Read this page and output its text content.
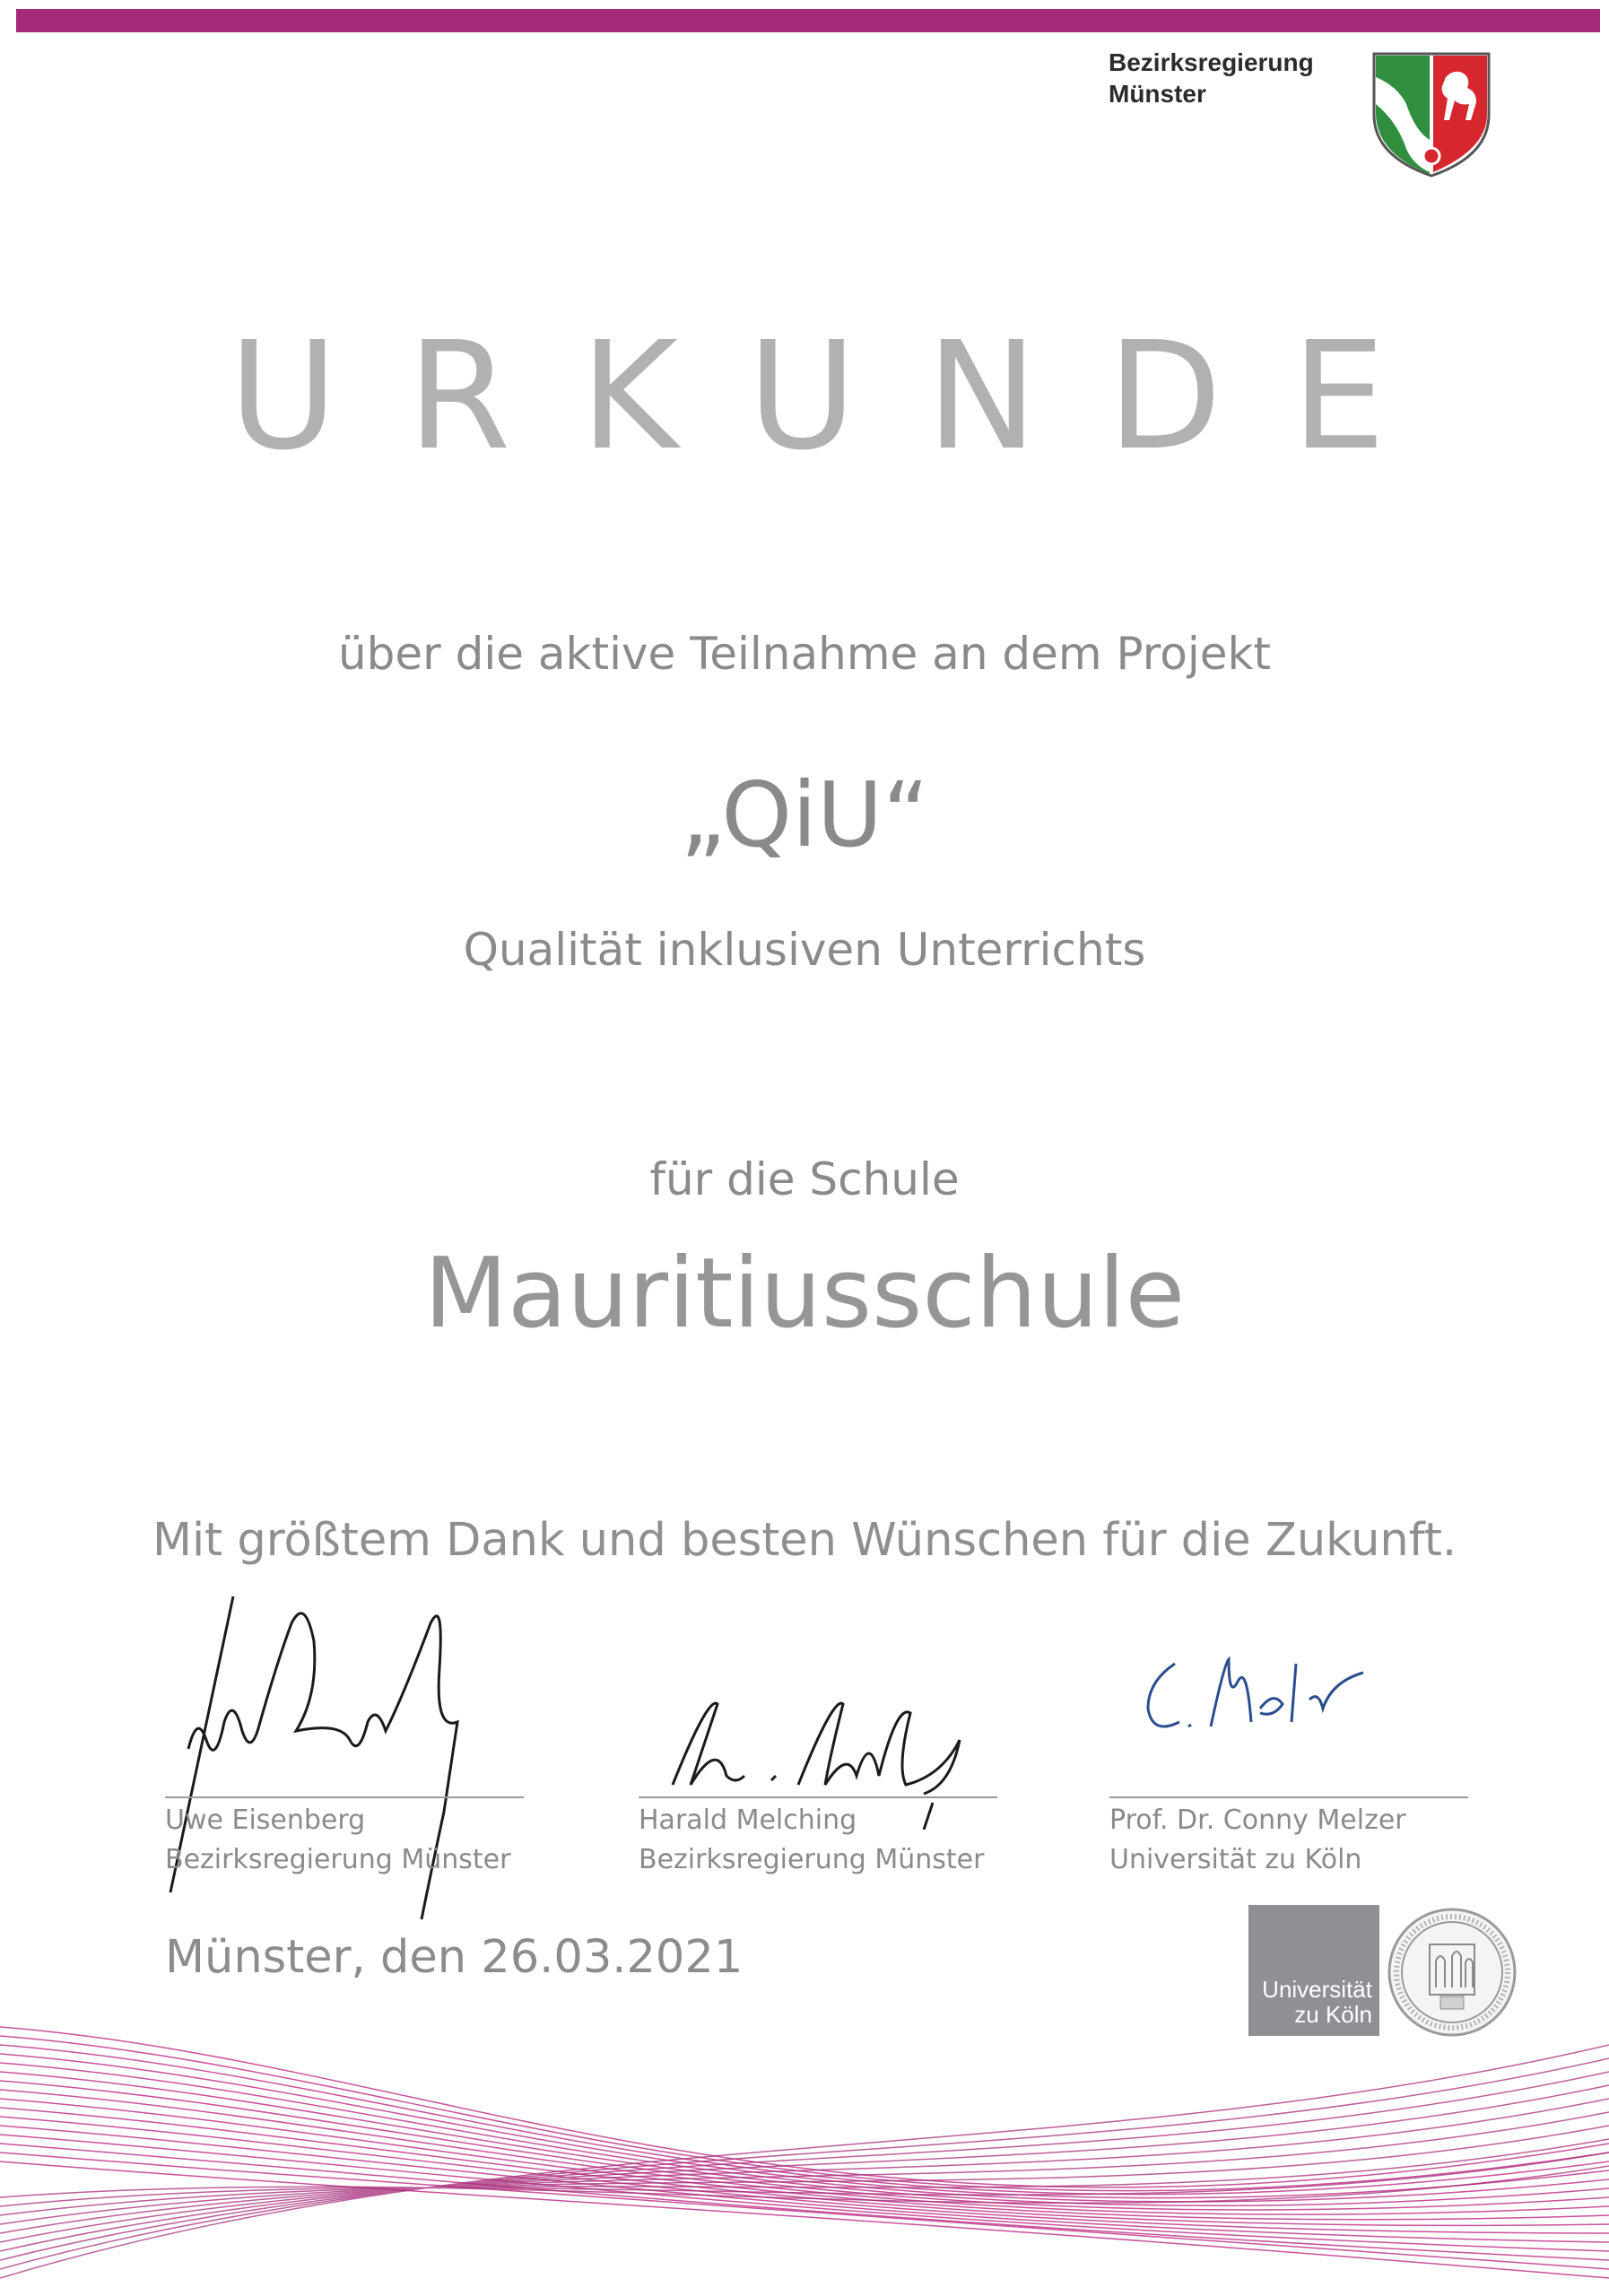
Bezirksregierung
Münster
U R K U N D E
über die aktive Teilnahme an dem Projekt
„QiU“
Qualität inklusiven Unterrichts
für die Schule
Mauritiusschule
Mit größtem Dank und besten Wünschen für die Zukunft.
Uwe Eisenberg
Bezirksregierung Münster
Harald Melching
Bezirksregierung Münster
Prof. Dr. Conny Melzer
Universität zu Köln
Münster, den 26.03.2021
Universität
zu Köln
